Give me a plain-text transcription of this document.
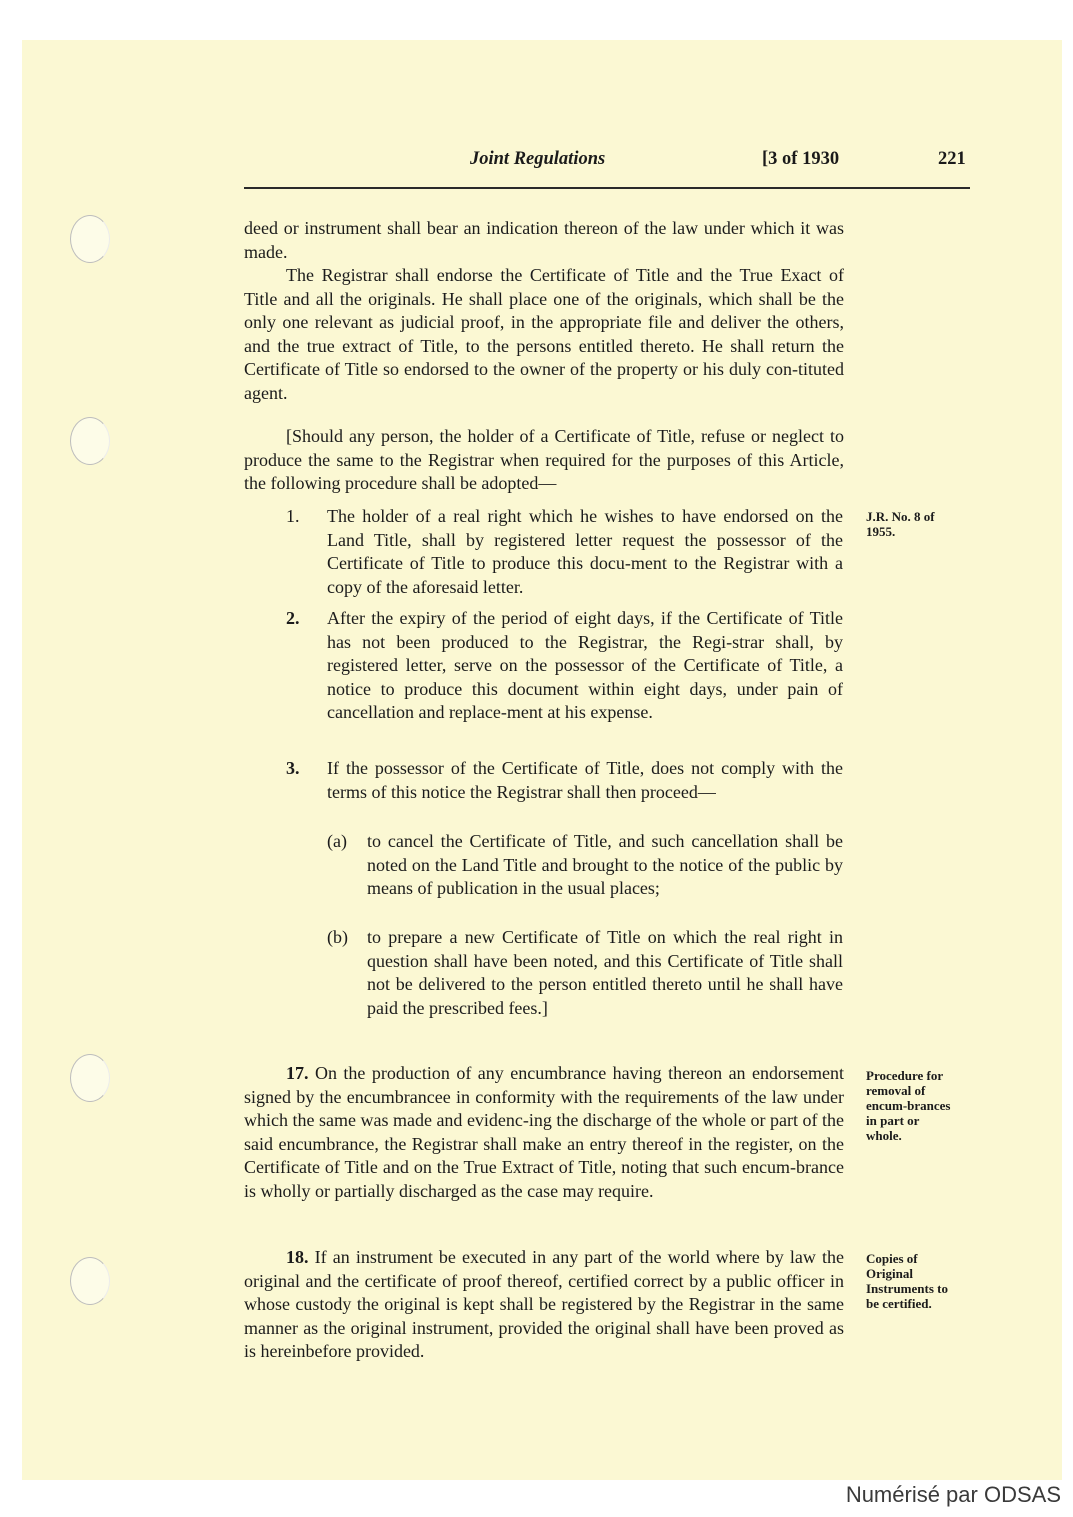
Joint Regulations	[3 of 1930	221

deed or instrument shall bear an indication thereon of the law under which it was made.

The Registrar shall endorse the Certificate of Title and the True Exact of Title and all the originals. He shall place one of the originals, which shall be the only one relevant as judicial proof, in the appropriate file and deliver the others, and the true extract of Title, to the persons entitled thereto. He shall return the Certificate of Title so endorsed to the owner of the property or his duly con-tituted agent.

[Should any person, the holder of a Certificate of Title, refuse or neglect to produce the same to the Registrar when required for the purposes of this Article, the following procedure shall be adopted—

1.	The holder of a real right which he wishes to have endorsed on the Land Title, shall by registered letter request the possessor of the Certificate of Title to produce this docu-ment to the Registrar with a copy of the aforesaid letter.

2.	After the expiry of the period of eight days, if the Certificate of Title has not been produced to the Registrar, the Regi-strar shall, by registered letter, serve on the possessor of the Certificate of Title, a notice to produce this document within eight days, under pain of cancellation and replace-ment at his expense.

3.	If the possessor of the Certificate of Title, does not comply with the terms of this notice the Registrar shall then proceed—

(a)	to cancel the Certificate of Title, and such cancellation shall be noted on the Land Title and brought to the notice of the public by means of publication in the usual places;

(b)	to prepare a new Certificate of Title on which the real right in question shall have been noted, and this Certificate of Title shall not be delivered to the person entitled thereto until he shall have paid the prescribed fees.]

17. On the production of any encumbrance having thereon an endorsement signed by the encumbrancee in conformity with the requirements of the law under which the same was made and evidenc-ing the discharge of the whole or part of the said encumbrance, the Registrar shall make an entry thereof in the register, on the Certificate of Title and on the True Extract of Title, noting that such encum-brance is wholly or partially discharged as the case may require.

18. If an instrument be executed in any part of the world where by law the original and the certificate of proof thereof, certified correct by a public officer in whose custody the original is kept shall be registered by the Registrar in the same manner as the original instrument, provided the original shall have been proved as is hereinbefore provided.

J.R. No. 8 of 1955.

Procedure for removal of encum-brances in part or whole.

Copies of Original Instruments to be certified.

Numérisé par ODSAS
